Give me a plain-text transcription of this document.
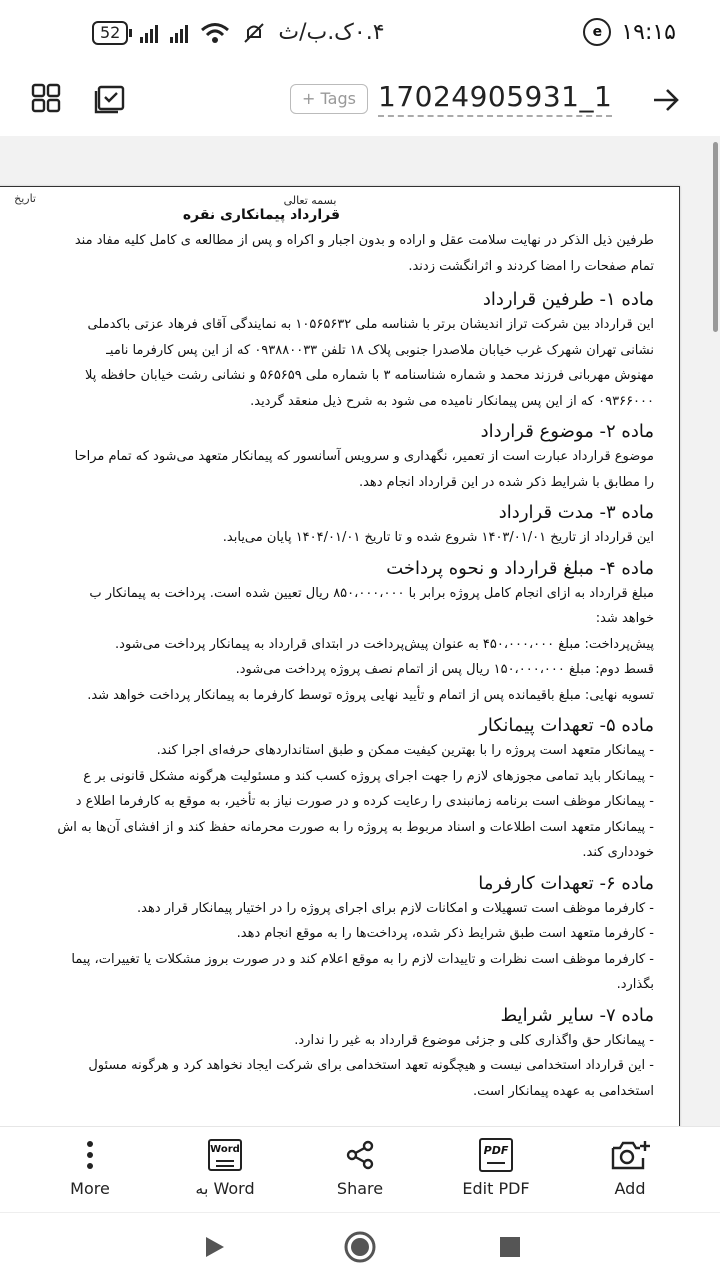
52	۰.۴ک.ب/ث	e ۱۹:۱۵
+ Tags 17024905931_1
تاریخ	بسمه تعالی
قرارداد پیمانکاری نقره
طرفین ذیل الذکر در نهایت سلامت عقل و اراده و بدون اجبار و اکراه و پس از مطالعه ی کامل کلیه مفاد مند
تمام صفحات را امضا کردند و اثرانگشت زدند.
ماده ۱- طرفین قرارداد
این قرارداد بین شرکت تراز اندیشان برتر با شناسه ملی ۱۰۵۶۵۶۳۲ به نمایندگی آقای فرهاد عزتی باکدملی
نشانی تهران شهرک غرب خیابان ملاصدرا جنوبی پلاک ۱۸ تلفن ۰۹۳۸۸۰۰۳۳ که از این پس کارفرما نامیـ
مهنوش مهربانی فرزند محمد و شماره شناسنامه ۳ با شماره ملی ۵۶۵۶۵۹ و نشانی رشت خیابان حافظه پلا
۰۹۳۶۶۰۰۰ که از این پس پیمانکار نامیده می شود به شرح ذیل منعقد گردید.
ماده ۲- موضوع قرارداد
موضوع قرارداد عبارت است از تعمیر، نگهداری و سرویس آسانسور که پیمانکار متعهد می‌شود که تمام مراحا
را مطابق با شرایط ذکر شده در این قرارداد انجام دهد.
ماده ۳- مدت قرارداد
این قرارداد از تاریخ ۱۴۰۳/۰۱/۰۱ شروع شده و تا تاریخ ۱۴۰۴/۰۱/۰۱ پایان می‌یابد.
ماده ۴- مبلغ قرارداد و نحوه پرداخت
مبلغ قرارداد به ازای انجام کامل پروژه برابر با ۸۵۰،۰۰۰،۰۰۰ ریال تعیین شده است. پرداخت به پیمانکار ب
خواهد شد:
پیش‌پرداخت: مبلغ ۴۵۰،۰۰۰،۰۰۰ به عنوان پیش‌پرداخت در ابتدای قرارداد به پیمانکار پرداخت می‌شود.
قسط دوم: مبلغ ۱۵۰،۰۰۰،۰۰۰ ریال پس از اتمام نصف پروژه پرداخت می‌شود.
تسویه نهایی: مبلغ باقیمانده پس از اتمام و تأیید نهایی پروژه توسط کارفرما به پیمانکار پرداخت خواهد شد.
ماده ۵- تعهدات پیمانکار
- پیمانکار متعهد است پروژه را با بهترین کیفیت ممکن و طبق استانداردهای حرفه‌ای اجرا کند.
- پیمانکار باید تمامی مجوزهای لازم را جهت اجرای پروژه کسب کند و مسئولیت هرگونه مشکل قانونی بر ع
- پیمانکار موظف است برنامه زمانبندی را رعایت کرده و در صورت نیاز به تأخیر، به موقع به کارفرما اطلاع د
- پیمانکار متعهد است اطلاعات و اسناد مربوط به پروژه را به صورت محرمانه حفظ کند و از افشای آن‌ها به اش
خودداری کند.
ماده ۶- تعهدات کارفرما
- کارفرما موظف است تسهیلات و امکانات لازم برای اجرای پروژه را در اختیار پیمانکار قرار دهد.
- کارفرما متعهد است طبق شرایط ذکر شده، پرداخت‌ها را به موقع انجام دهد.
- کارفرما موظف است نظرات و تاییدات لازم را به موقع اعلام کند و در صورت بروز مشکلات یا تغییرات، پیما
بگذارد.
ماده ۷- سایر شرایط
- پیمانکار حق واگذاری کلی و جزئی موضوع قرارداد به غیر را ندارد.
- این قرارداد استخدامی نیست و هیچگونه تعهد استخدامی برای شرکت ایجاد نخواهد کرد و هرگونه مسئول
استخدامی به عهده پیمانکار است.
More
Word
به Word	Share
PDF
Edit PDF	Add
